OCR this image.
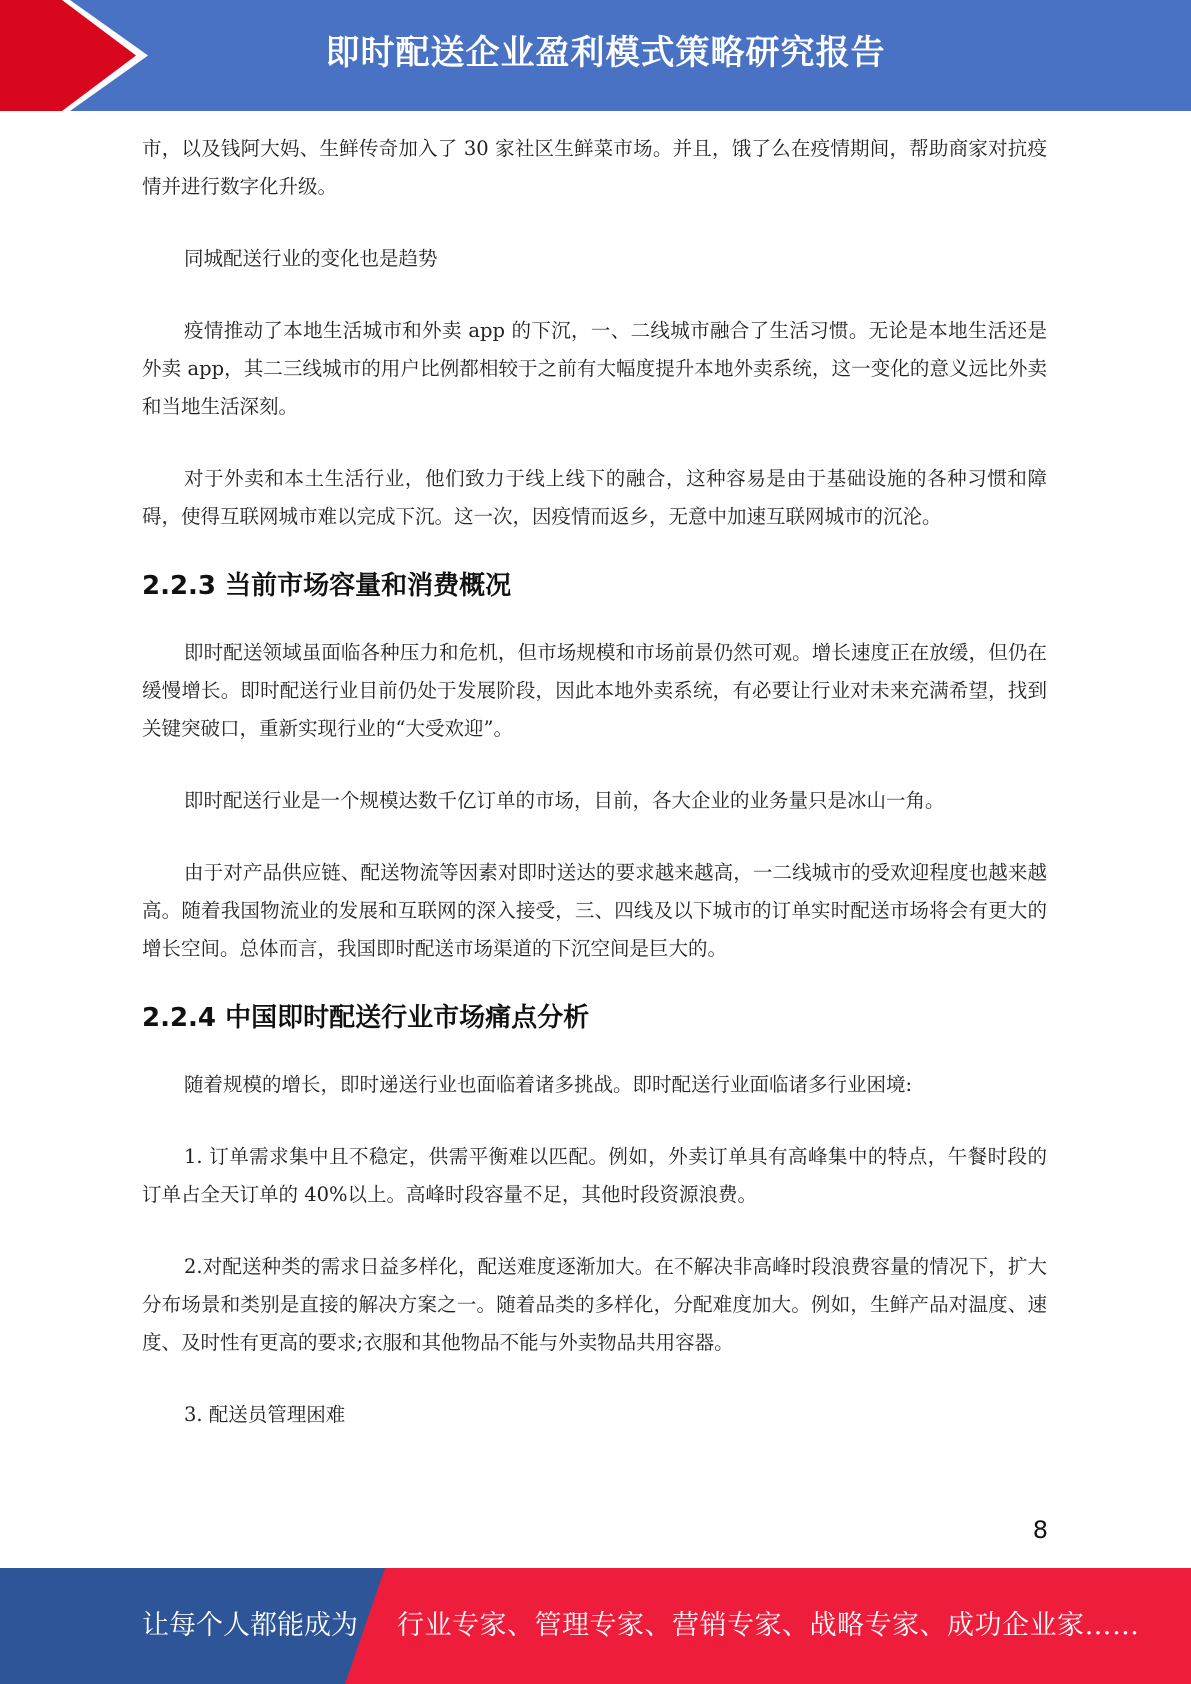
即时配送企业盈利模式策略研究报告

市，以及钱阿大妈、生鲜传奇加入了 30 家社区生鲜菜市场。并且，饿了么在疫情期间，帮助商家对抗疫情并进行数字化升级。

同城配送行业的变化也是趋势

疫情推动了本地生活城市和外卖 app 的下沉，一、二线城市融合了生活习惯。无论是本地生活还是外卖 app，其二三线城市的用户比例都相较于之前有大幅度提升本地外卖系统，这一变化的意义远比外卖和当地生活深刻。

对于外卖和本土生活行业，他们致力于线上线下的融合，这种容易是由于基础设施的各种习惯和障碍，使得互联网城市难以完成下沉。这一次，因疫情而返乡，无意中加速互联网城市的沉沦。

2.2.3 当前市场容量和消费概况

即时配送领域虽面临各种压力和危机，但市场规模和市场前景仍然可观。增长速度正在放缓，但仍在缓慢增长。即时配送行业目前仍处于发展阶段，因此本地外卖系统，有必要让行业对未来充满希望，找到关键突破口，重新实现行业的“大受欢迎”。

即时配送行业是一个规模达数千亿订单的市场，目前，各大企业的业务量只是冰山一角。

由于对产品供应链、配送物流等因素对即时送达的要求越来越高，一二线城市的受欢迎程度也越来越高。随着我国物流业的发展和互联网的深入接受，三、四线及以下城市的订单实时配送市场将会有更大的增长空间。总体而言，我国即时配送市场渠道的下沉空间是巨大的。

2.2.4 中国即时配送行业市场痛点分析

随着规模的增长，即时递送行业也面临着诸多挑战。即时配送行业面临诸多行业困境:

1. 订单需求集中且不稳定，供需平衡难以匹配。例如，外卖订单具有高峰集中的特点，午餐时段的订单占全天订单的 40%以上。高峰时段容量不足，其他时段资源浪费。

2.对配送种类的需求日益多样化，配送难度逐渐加大。在不解决非高峰时段浪费容量的情况下，扩大分布场景和类别是直接的解决方案之一。随着品类的多样化，分配难度加大。例如，生鲜产品对温度、速度、及时性有更高的要求;衣服和其他物品不能与外卖物品共用容器。

3. 配送员管理困难

8
让每个人都能成为 行业专家、管理专家、营销专家、战略专家、成功企业家……
